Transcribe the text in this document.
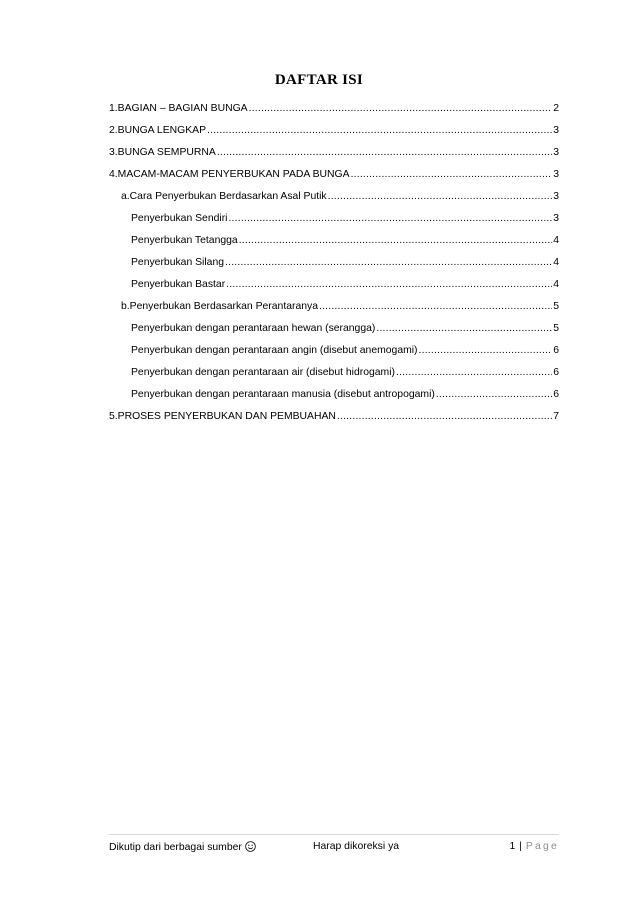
DAFTAR ISI
1.BAGIAN – BAGIAN BUNGA .....	2
2.BUNGA LENGKAP .....	3
3.BUNGA SEMPURNA .....	3
4.MACAM-MACAM PENYERBUKAN PADA BUNGA .....	3
a.Cara Penyerbukan Berdasarkan Asal Putik .....	3
Penyerbukan Sendiri .....	3
Penyerbukan Tetangga .....	4
Penyerbukan Silang .....	4
Penyerbukan Bastar .....	4
b.Penyerbukan Berdasarkan Perantaranya .....	5
Penyerbukan dengan perantaraan hewan (serangga) .....	5
Penyerbukan dengan perantaraan angin (disebut anemogami) .....	6
Penyerbukan dengan perantaraan air (disebut hidrogami) .....	6
Penyerbukan dengan perantaraan manusia (disebut antropogami) .....	6
5.PROSES PENYERBUKAN DAN PEMBUAHAN .....	7
Dikutip dari berbagai sumber	Harap dikoreksi ya	1 | Page
